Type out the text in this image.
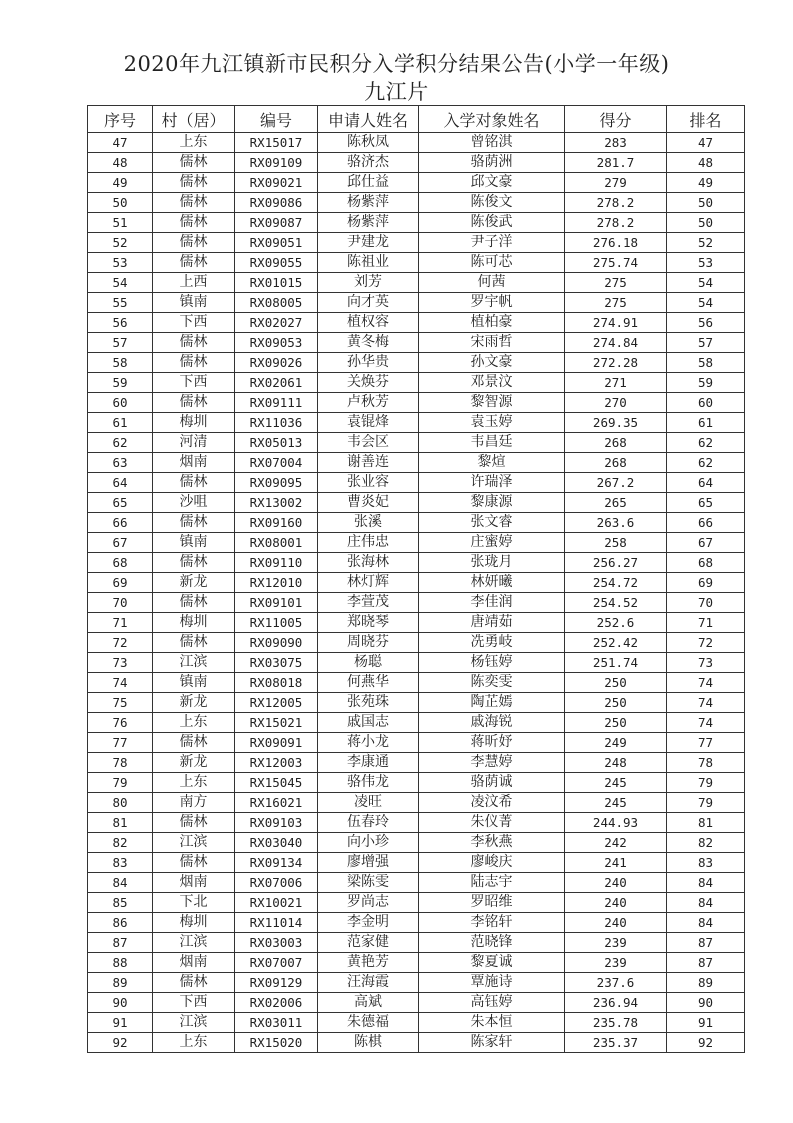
2020年九江镇新市民积分入学积分结果公告(小学一年级)
九江片
序号	村（居）	编号	申请人姓名	入学对象姓名	得分	排名
47	上东	RX15017	陈秋凤	曾铭淇	283	47
48	儒林	RX09109	骆济杰	骆荫洲	281.7	48
49	儒林	RX09021	邱仕益	邱文豪	279	49
50	儒林	RX09086	杨紫萍	陈俊文	278.2	50
51	儒林	RX09087	杨紫萍	陈俊武	278.2	50
52	儒林	RX09051	尹建龙	尹子洋	276.18	52
53	儒林	RX09055	陈祖业	陈可芯	275.74	53
54	上西	RX01015	刘芳	何茜	275	54
55	镇南	RX08005	向才英	罗宇帆	275	54
56	下西	RX02027	植权容	植柏豪	274.91	56
57	儒林	RX09053	黄冬梅	宋雨哲	274.84	57
58	儒林	RX09026	孙华贵	孙文豪	272.28	58
59	下西	RX02061	关焕芬	邓景汶	271	59
60	儒林	RX09111	卢秋芳	黎智源	270	60
61	梅圳	RX11036	袁锟烽	袁玉婷	269.35	61
62	河清	RX05013	韦会区	韦昌廷	268	62
63	烟南	RX07004	谢善连	黎煊	268	62
64	儒林	RX09095	张业容	许瑞泽	267.2	64
65	沙咀	RX13002	曹炎妃	黎康源	265	65
66	儒林	RX09160	张溪	张文睿	263.6	66
67	镇南	RX08001	庄伟忠	庄蜜婷	258	67
68	儒林	RX09110	张海林	张珑月	256.27	68
69	新龙	RX12010	林灯辉	林妍曦	254.72	69
70	儒林	RX09101	李萱茂	李佳润	254.52	70
71	梅圳	RX11005	郑晓琴	唐靖茹	252.6	71
72	儒林	RX09090	周晓芬	冼勇岐	252.42	72
73	江滨	RX03075	杨聪	杨钰婷	251.74	73
74	镇南	RX08018	何燕华	陈奕雯	250	74
75	新龙	RX12005	张苑珠	陶芷嫣	250	74
76	上东	RX15021	戚国志	戚海锐	250	74
77	儒林	RX09091	蒋小龙	蒋昕妤	249	77
78	新龙	RX12003	李康通	李慧婷	248	78
79	上东	RX15045	骆伟龙	骆荫诚	245	79
80	南方	RX16021	凌旺	凌汶希	245	79
81	儒林	RX09103	伍春玲	朱仪菁	244.93	81
82	江滨	RX03040	向小珍	李秋燕	242	82
83	儒林	RX09134	廖增强	廖峻庆	241	83
84	烟南	RX07006	梁陈雯	陆志宇	240	84
85	下北	RX10021	罗尚志	罗昭维	240	84
86	梅圳	RX11014	李金明	李铭轩	240	84
87	江滨	RX03003	范家健	范晓锋	239	87
88	烟南	RX07007	黄艳芳	黎夏诚	239	87
89	儒林	RX09129	汪海霞	覃施诗	237.6	89
90	下西	RX02006	高斌	高钰婷	236.94	90
91	江滨	RX03011	朱德福	朱本恒	235.78	91
92	上东	RX15020	陈棋	陈家轩	235.37	92
